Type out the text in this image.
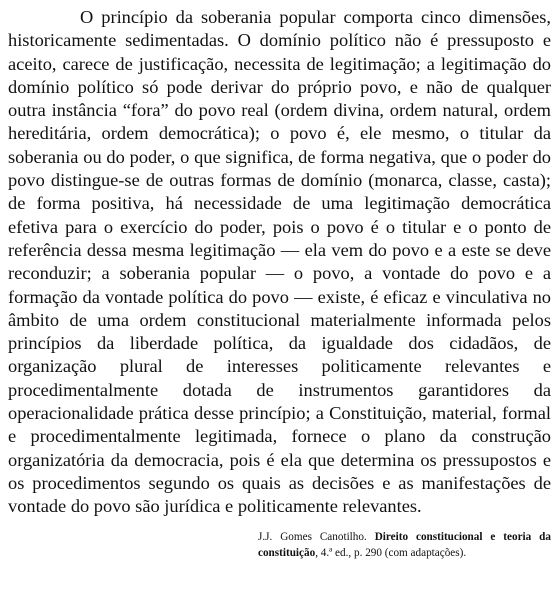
O princípio da soberania popular comporta cinco dimensões, historicamente sedimentadas. O domínio político não é pressuposto e aceito, carece de justificação, necessita de legitimação; a legitimação do domínio político só pode derivar do próprio povo, e não de qualquer outra instância “fora” do povo real (ordem divina, ordem natural, ordem hereditária, ordem democrática); o povo é, ele mesmo, o titular da soberania ou do poder, o que significa, de forma negativa, que o poder do povo distingue-se de outras formas de domínio (monarca, classe, casta); de forma positiva, há necessidade de uma legitimação democrática efetiva para o exercício do poder, pois o povo é o titular e o ponto de referência dessa mesma legitimação — ela vem do povo e a este se deve reconduzir; a soberania popular — o povo, a vontade do povo e a formação da vontade política do povo — existe, é eficaz e vinculativa no âmbito de uma ordem constitucional materialmente informada pelos princípios da liberdade política, da igualdade dos cidadãos, de organização plural de interesses politicamente relevantes e procedimentalmente dotada de instrumentos garantidores da operacionalidade prática desse princípio; a Constituição, material, formal e procedimentalmente legitimada, fornece o plano da construção organizatória da democracia, pois é ela que determina os pressupostos e os procedimentos segundo os quais as decisões e as manifestações de vontade do povo são jurídica e politicamente relevantes.

J.J. Gomes Canotilho. Direito constitucional e teoria da constituição, 4.ª ed., p. 290 (com adaptações).
